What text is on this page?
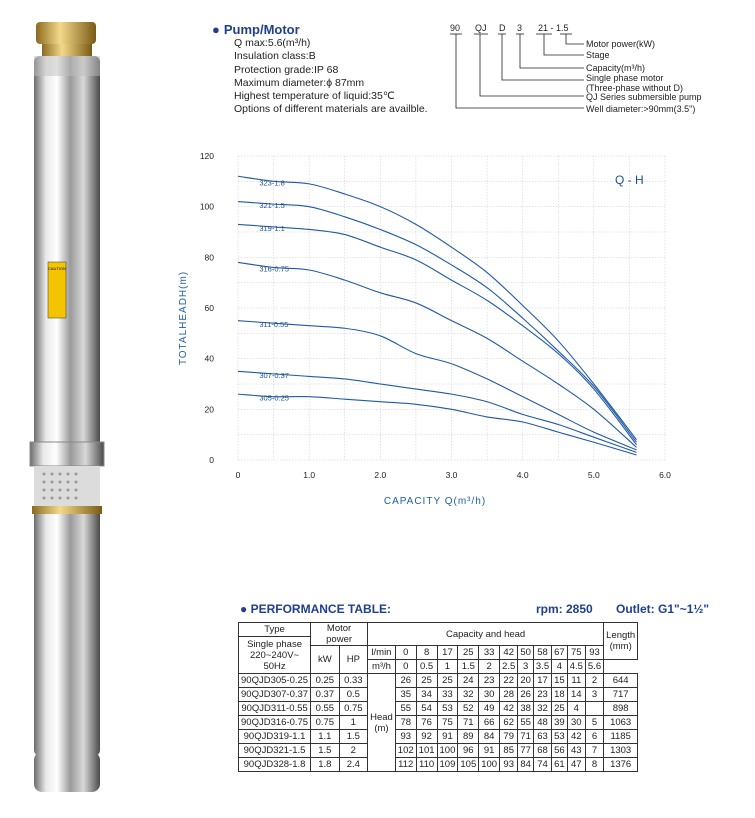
CAUTION
● Pump/Motor
Q max:5.6(m³/h)
Insulation class:B
Protection grade:IP 68
Maximum diameter:ϕ 87mm
Highest temperature of liquid:35℃
Options of different materials are availble.
90 QJ D 3 21 - 1.5
Motor power(kW)
Stage
Capacity(m³/h)
Single phase motor
(Three-phase without D)
QJ Series submersible pump
Well diameter:>90mm(3.5")
323-1.8
321-1.5
319-1.1
316-0.75
311-0.55
307-0.37
305-0.25
0	1.0	2.0	3.0	4.0	5.0	6.0
0
20
40
60
80
100
120
Q - H
CAPACITY Q(m³/h)
TOTALHEADH(m)
● PERFORMANCE TABLE:	rpm: 2850 Outlet: G1"~1½"
Type	Motor power		Capacity and head												Length
(mm)

Single phase
220~240V~
50Hz															

	kW	HP	l/min	0	8	17	25	33	42	50	58	67	75	93	
			m³/h	0	0.5	1	1.5	2	2.5	3	3.5	4	4.5	5.6	
90QJD305-0.25	0.25	0.33	Head
(m)	26	25	25	24	23	22	20	17	15	11	2	644
90QJD307-0.37	0.37	0.5		35	34	33	32	30	28	26	23	18	14	3	717
90QJD311-0.55	0.55	0.75		55	54	53	52	49	42	38	32	25	4		898
90QJD316-0.75	0.75	1		78	76	75	71	66	62	55	48	39	30	5	1063
90QJD319-1.1	1.1	1.5		93	92	91	89	84	79	71	63	53	42	6	1185
90QJD321-1.5	1.5	2		102	101	100	96	91	85	77	68	56	43	7	1303
90QJD328-1.8	1.8	2.4		112	110	109	105	100	93	84	74	61	47	8	1376
